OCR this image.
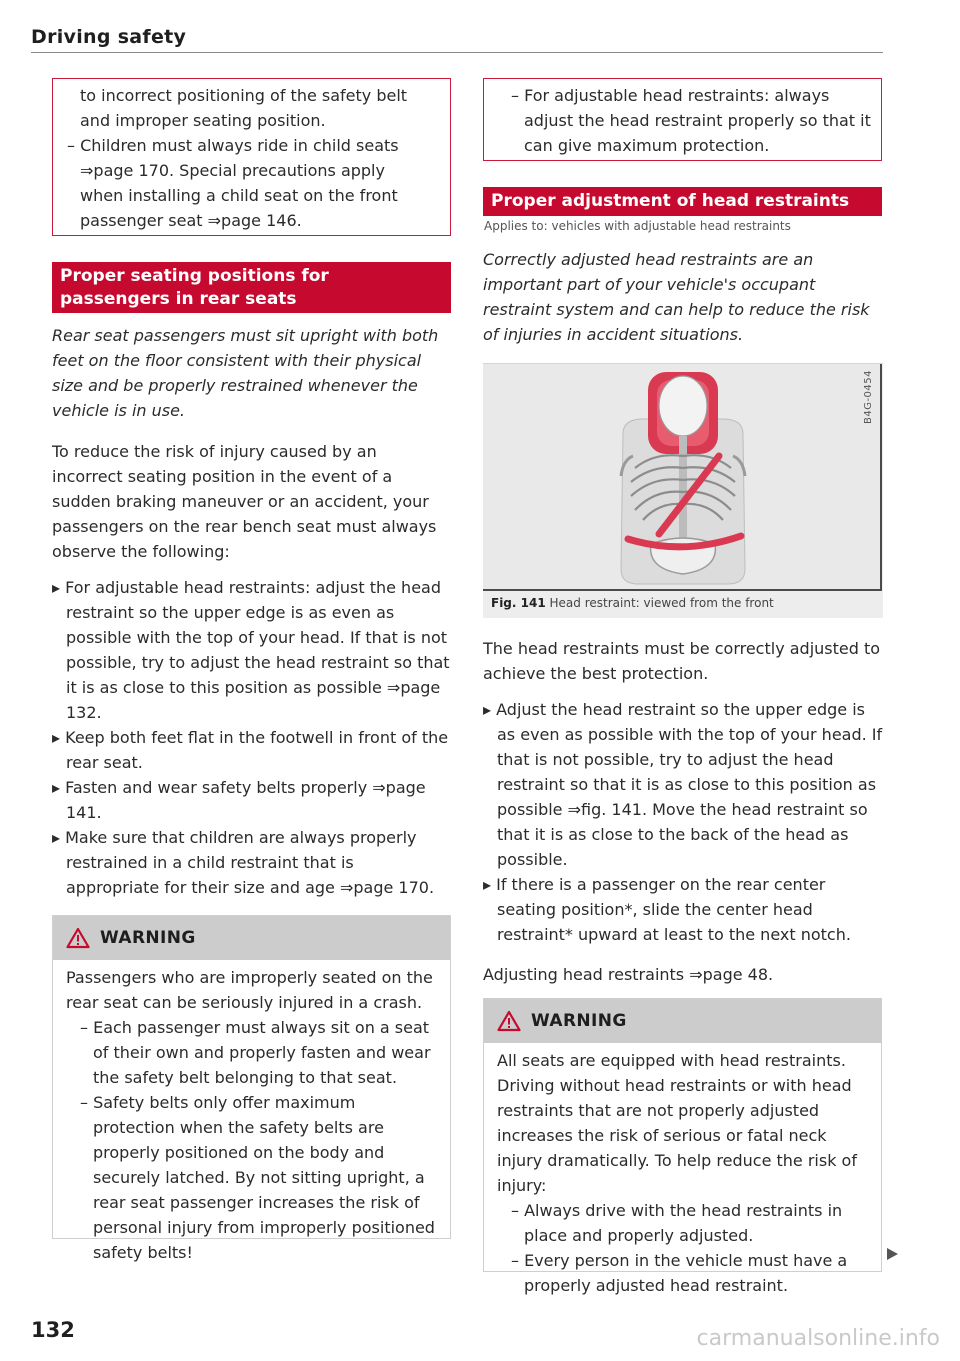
Driving safety

to incorrect positioning of the safety belt

and improper seating position.

– Children must always ride in child seats

⇒page 170. Special precautions apply

when installing a child seat on the front

passenger seat ⇒page 146.

Proper seating positions for passengers in rear seats

Rear seat passengers must sit upright with both feet on the floor consistent with their physical size and be properly restrained whenever the vehicle is in use.

To reduce the risk of injury caused by an incorrect seating position in the event of a sudden braking maneuver or an accident, your passengers on the rear bench seat must always observe the following:

▸ For adjustable head restraints: adjust the head restraint so the upper edge is as even as possible with the top of your head. If that is not possible, try to adjust the head restraint so that it is as close to this position as possible ⇒page 132.

▸ Keep both feet flat in the footwell in front of the rear seat.

▸ Fasten and wear safety belts properly ⇒page 141.

▸ Make sure that children are always properly restrained in a child restraint that is appropriate for their size and age ⇒page 170.

WARNING

Passengers who are improperly seated on the rear seat can be seriously injured in a crash.

– Each passenger must always sit on a seat of their own and properly fasten and wear the safety belt belonging to that seat.

– Safety belts only offer maximum protection when the safety belts are properly positioned on the body and securely latched. By not sitting upright, a rear seat passenger increases the risk of personal injury from improperly positioned safety belts!

– For adjustable head restraints: always adjust the head restraint properly so that it can give maximum protection.

Proper adjustment of head restraints
Applies to: vehicles with adjustable head restraints

Correctly adjusted head restraints are an important part of your vehicle's occupant restraint system and can help to reduce the risk of injuries in accident situations.

B4G-0454
Fig. 141 Head restraint: viewed from the front

The head restraints must be correctly adjusted to achieve the best protection.

▸ Adjust the head restraint so the upper edge is as even as possible with the top of your head. If that is not possible, try to adjust the head restraint so that it is as close to this position as possible ⇒fig. 141. Move the head restraint so that it is as close to the back of the head as possible.

▸ If there is a passenger on the rear center seating position*, slide the center head restraint* upward at least to the next notch.

Adjusting head restraints ⇒page 48.

WARNING

All seats are equipped with head restraints. Driving without head restraints or with head restraints that are not properly adjusted increases the risk of serious or fatal neck injury dramatically. To help reduce the risk of injury:

– Always drive with the head restraints in place and properly adjusted.

– Every person in the vehicle must have a properly adjusted head restraint.

132	carmanualsonline.info
